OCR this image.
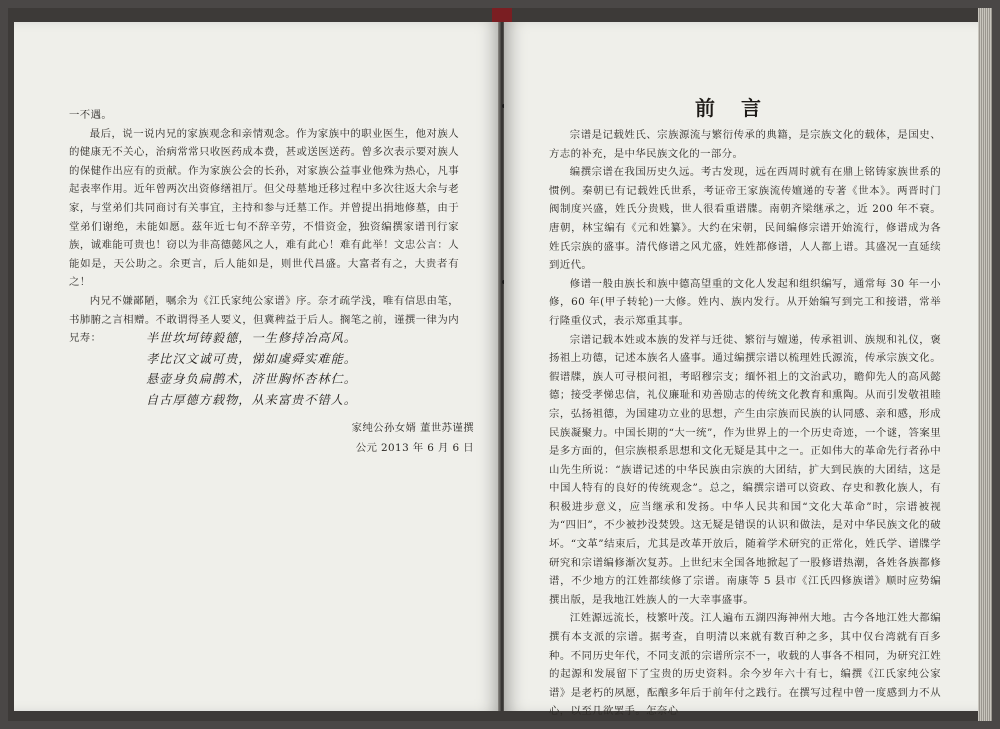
一不遇。

最后，说一说内兄的家族观念和亲情观念。作为家族中的职业医生，他对族人的健康无不关心，治病常常只收医药成本费，甚或送医送药。曾多次表示要对族人的保健作出应有的贡献。作为家族公会的长孙，对家族公益事业他殊为热心，凡事起表率作用。近年曾两次出资修缮祖厅。但父母墓地迁移过程中多次往返大余与老家，与堂弟们共同商讨有关事宜，主持和参与迁墓工作。并曾提出捐地修墓，由于堂弟们谢绝，未能如愿。茲年近七旬不辞辛劳，不惜资金，独资编撰家谱刊行家族，诚难能可贵也！窃以为非高德懿风之人，难有此心！难有此举！文忠公言：人能如是，天公助之。余更言，后人能如是，则世代昌盛。大富者有之，大贵者有之！

内兄不嫌鄙陋，嘱余为《江氏家纯公家谱》序。奈才疏学浅，唯有信思由笔，书肺腑之言相赠。不敢谓得圣人要义，但冀稗益于后人。搁笔之前，谨撰一律为内兄寿：	半世坎坷铸毅德，一生修持冶高风。
孝比汉文诚可贵，悌如虞舜实难能。
悬壶身负扁鹊术，济世胸怀杏林仁。
自古厚德方载物，从来富贵不错人。
家纯公孙女婿 董世苏谨撰
公元 2013 年 6 月 6 日
前言

宗谱是记载姓氏、宗族源流与繁衍传承的典籍，是宗族文化的载体，是国史、方志的补充，是中华民族文化的一部分。

编撰宗谱在我国历史久远。考古发现，远在西周时就有在鼎上铭铸家族世系的惯例。秦朝已有记载姓氏世系，考证帝王家族流传嬗递的专著《世本》。两晋时门阀制度兴盛，姓氏分贵贱，世人很看重谱牒。南朝齐梁继承之，近 200 年不衰。唐朝，林宝编有《元和姓纂》。大约在宋朝，民间编修宗谱开始流行，修谱成为各姓氏宗族的盛事。清代修谱之风尤盛，姓姓都修谱，人人都上谱。其盛况一直延续到近代。

修谱一般由族长和族中德高望重的文化人发起和组织编写，通常每 30 年一小修，60 年(甲子转轮)一大修。姓内、族内发行。从开始编写到完工和接谱，常举行隆重仪式，表示郑重其事。

宗谱记载本姓或本族的发祥与迁徙、繁衍与嬗递，传承祖训、族规和礼仪，褒扬祖上功德，记述本族名人盛事。通过编撰宗谱以梳理姓氏源流，传承宗族文化。徦谱牒，族人可寻根问祖，考昭穆宗支；缅怀祖上的文治武功，瞻仰先人的高风懿德；接受孝悌忠信，礼仪廉耻和劝善励志的传统文化教育和熏陶。从而引发敬祖睦宗，弘扬祖德，为国建功立业的思想，产生由宗族而民族的认同感、亲和感，形成民族凝聚力。中国长期的“大一统”，作为世界上的一个历史奇迹，一个谜，答案里是多方面的，但宗族根系思想和文化无疑是其中之一。正如伟大的革命先行者孙中山先生所说：“族谱记述的中华民族由宗族的大团结，扩大到民族的大团结，这是中国人特有的良好的传统观念”。总之，编撰宗谱可以资政、存史和教化族人，有积极进步意义，应当继承和发扬。中华人民共和国“文化大革命”时，宗谱被视为“四旧”，不少被抄没焚毁。这无疑是错误的认识和做法，是对中华民族文化的破坏。“文革”结束后，尤其是改革开放后，随着学术研究的正常化，姓氏学、谱牒学研究和宗谱编修渐次复苏。上世纪末全国各地掀起了一股修谱热潮，各姓各族都修谱，不少地方的江姓都续修了宗谱。南康等 5 县市《江氏四修族谱》顺时应势编撰出版，是我地江姓族人的一大幸事盛事。

江姓源远流长，枝繁叶茂。江人遍布五湖四海神州大地。古今各地江姓大都编撰有本支派的宗谱。据考查，自明清以来就有数百种之多，其中仅台湾就有百多种。不同历史年代，不同支派的宗谱所宗不一，收载的人事各不相同，为研究江姓的起源和发展留下了宝贵的历史资料。余今岁年六十有七，编撰《江氏家纯公家谱》是老朽的夙愿，酝酿多年后于前年付之践行。在撰写过程中曾一度感到力不从心，以至几欲罢手。怎奈心
